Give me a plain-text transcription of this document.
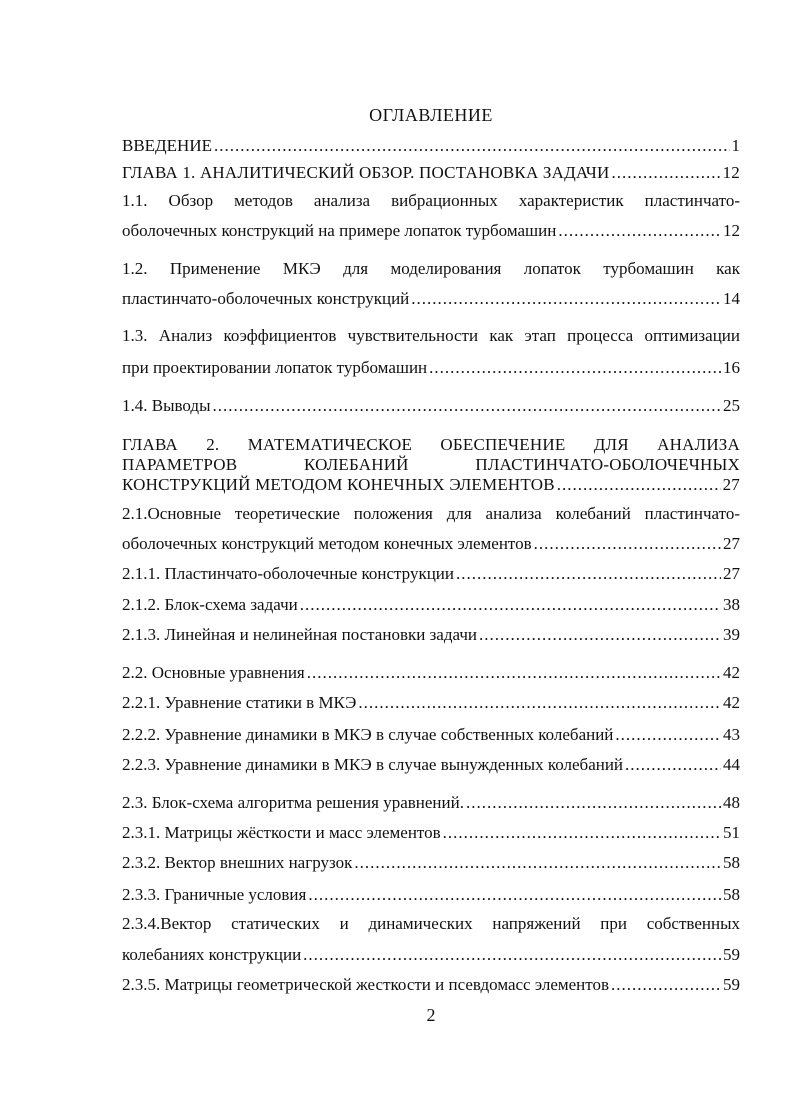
ОГЛАВЛЕНИЕ
ВВЕДЕНИЕ .....	1
ГЛАВА 1. АНАЛИТИЧЕСКИЙ ОБЗОР. ПОСТАНОВКА ЗАДАЧИ .....	12
1.1. Обзор методов анализа вибрационных характеристик пластинчато-
оболочечных конструкций на примере лопаток турбомашин .....	12
1.2. Применение МКЭ для моделирования лопаток турбомашин как
пластинчато-оболочечных конструкций .....	14
1.3. Анализ коэффициентов чувствительности как этап процесса оптимизации
при проектировании лопаток турбомашин .....	16
1.4. Выводы .....	25
ГЛАВА 2. МАТЕМАТИЧЕСКОЕ ОБЕСПЕЧЕНИЕ ДЛЯ АНАЛИЗА
ПАРАМЕТРОВ КОЛЕБАНИЙ ПЛАСТИНЧАТО-ОБОЛОЧЕЧНЫХ
КОНСТРУКЦИЙ МЕТОДОМ КОНЕЧНЫХ ЭЛЕМЕНТОВ .....	27
2.1.Основные теоретические положения для анализа колебаний пластинчато-
оболочечных конструкций методом конечных элементов .....	27
2.1.1. Пластинчато-оболочечные конструкции .....	27
2.1.2. Блок-схема задачи .....	38
2.1.3. Линейная и нелинейная постановки задачи .....	39
2.2. Основные уравнения .....	42
2.2.1. Уравнение статики в МКЭ .....	42
2.2.2. Уравнение динамики в МКЭ в случае собственных колебаний .....	43
2.2.3. Уравнение динамики в МКЭ в случае вынужденных колебаний .....	44
2.3. Блок-схема алгоритма решения уравнений. .....	48
2.3.1. Матрицы жёсткости и масс элементов .....	51
2.3.2. Вектор внешних нагрузок .....	58
2.3.3. Граничные условия .....	58
2.3.4.Вектор статических и динамических напряжений при собственных
колебаниях конструкции .....	59
2.3.5. Матрицы геометрической жесткости и псевдомасс элементов .....	59
2
